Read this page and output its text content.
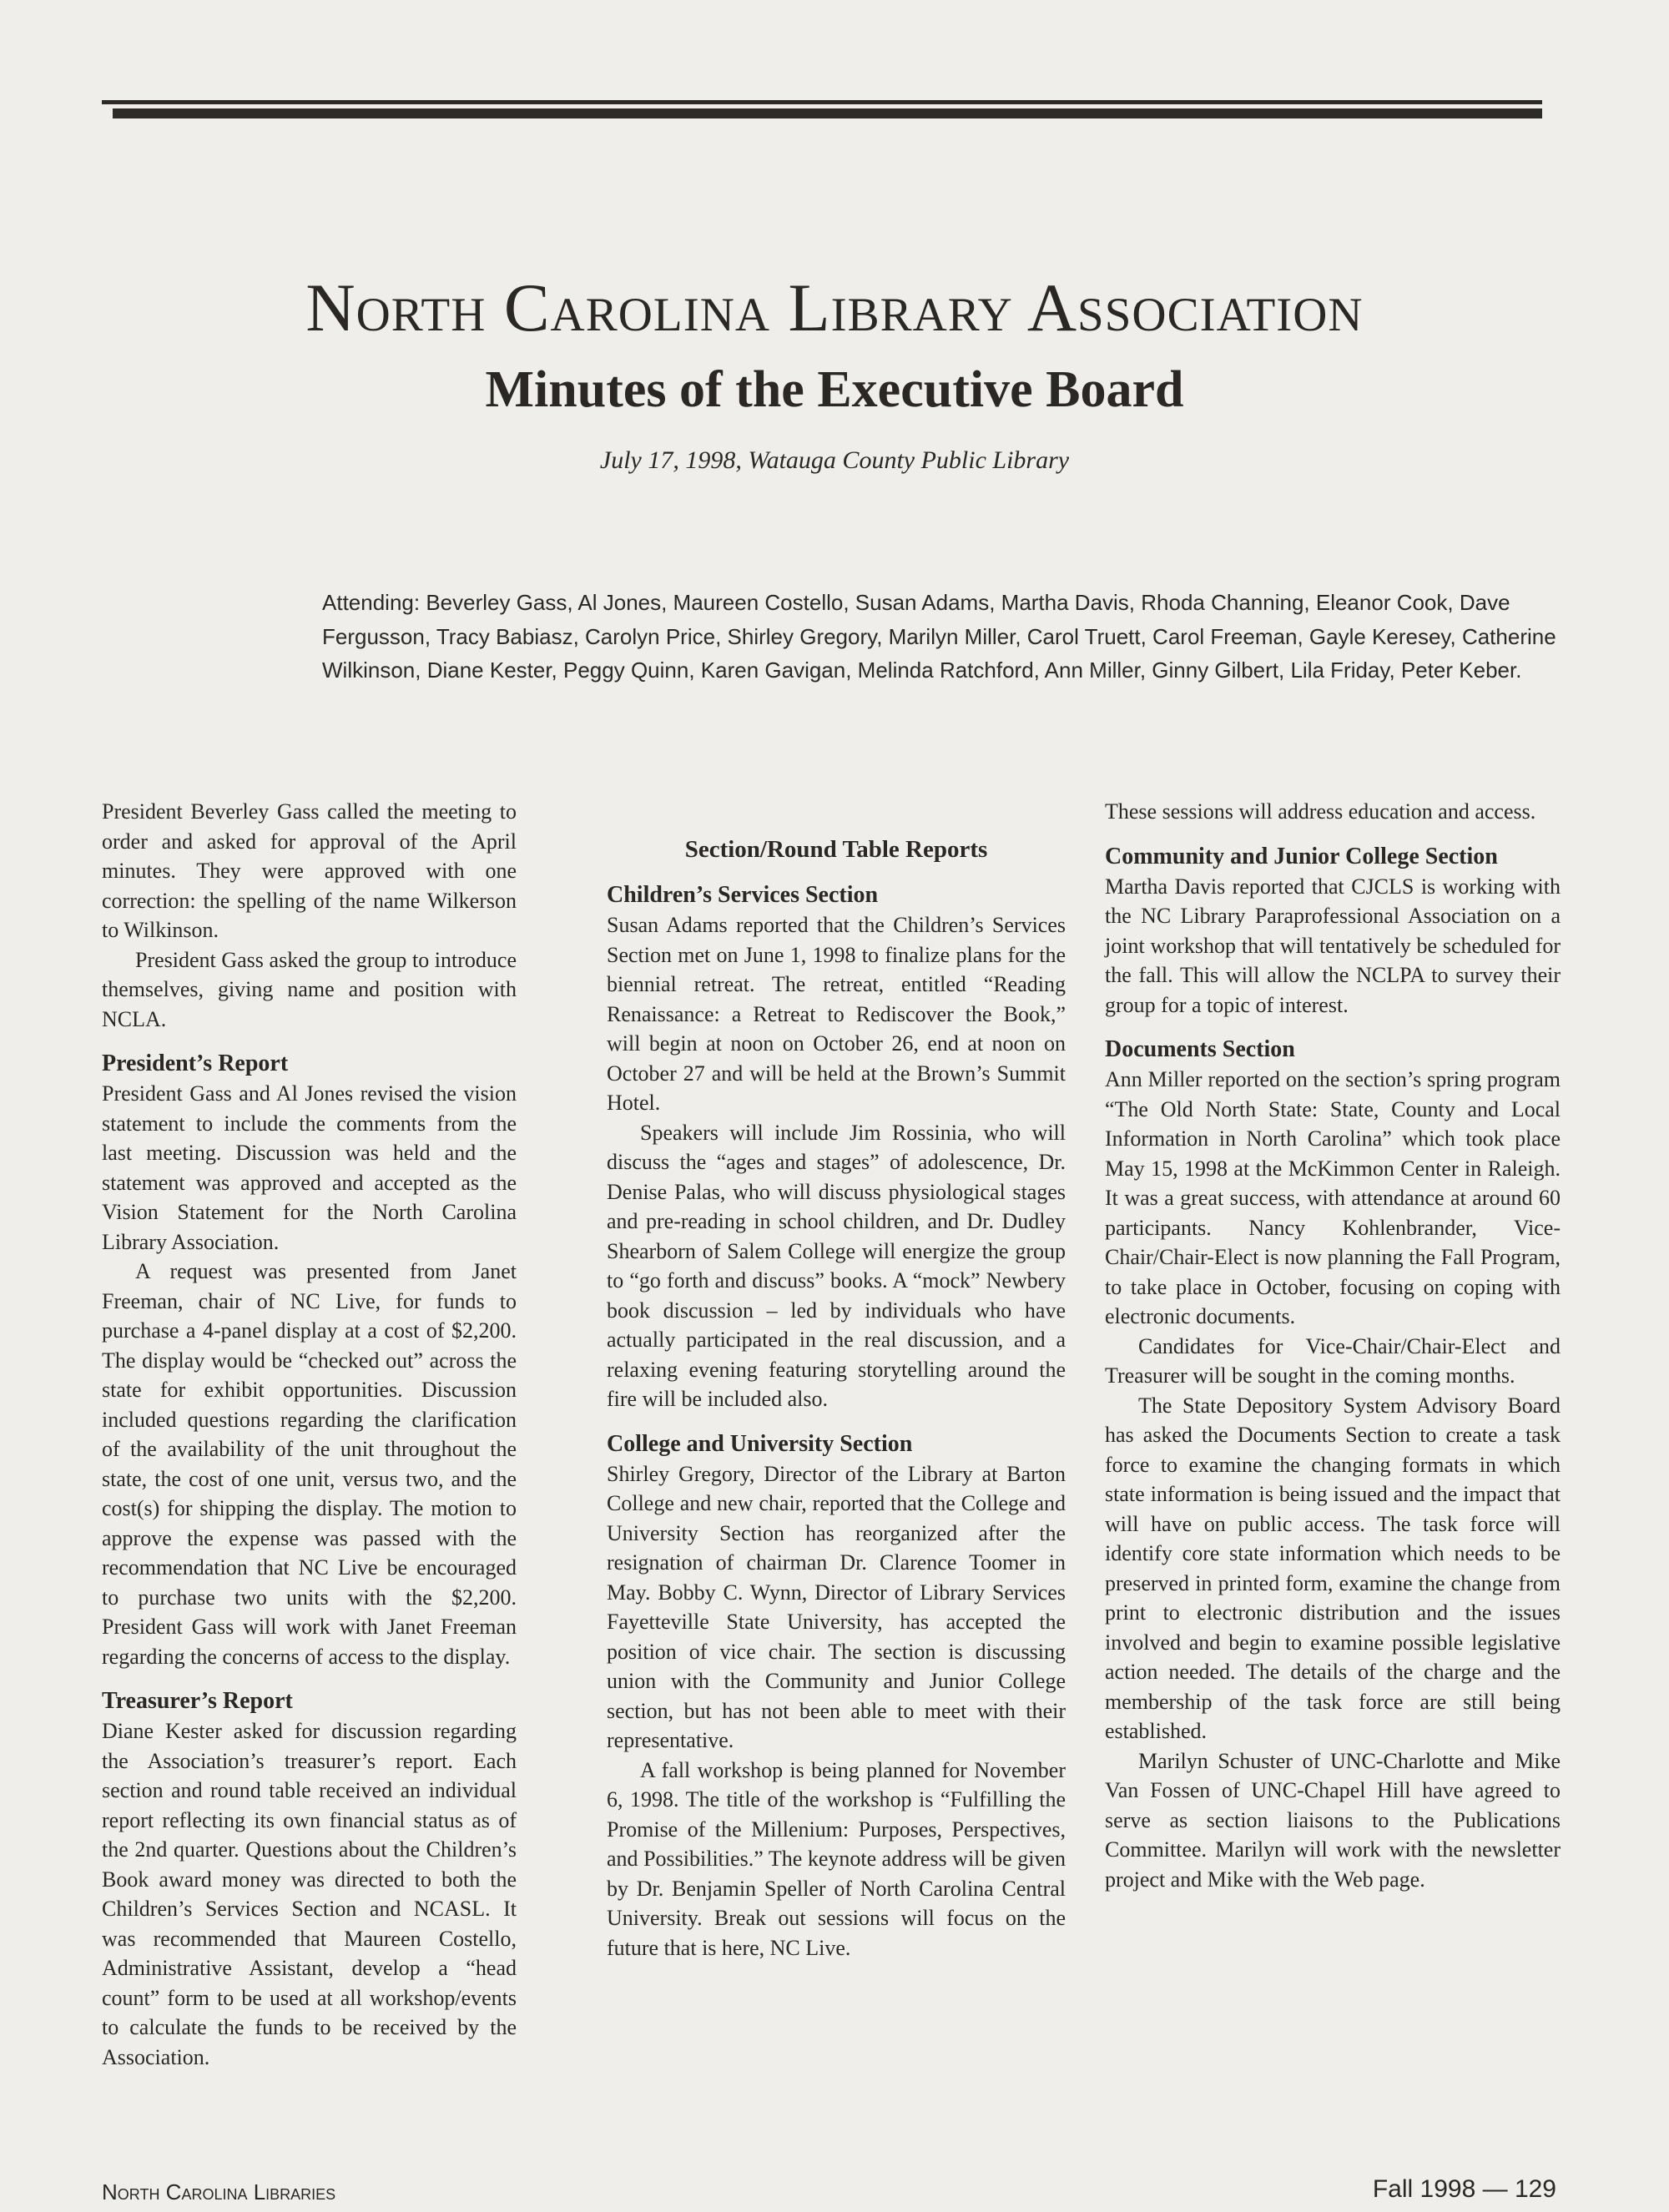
North Carolina Library Association
Minutes of the Executive Board
July 17, 1998, Watauga County Public Library
Attending: Beverley Gass, Al Jones, Maureen Costello, Susan Adams, Martha Davis, Rhoda Channing, Eleanor Cook, Dave Fergusson, Tracy Babiasz, Carolyn Price, Shirley Gregory, Marilyn Miller, Carol Truett, Carol Freeman, Gayle Keresey, Catherine Wilkinson, Diane Kester, Peggy Quinn, Karen Gavigan, Melinda Ratchford, Ann Miller, Ginny Gilbert, Lila Friday, Peter Keber.

President Beverley Gass called the meeting to order and asked for approval of the April minutes. They were approved with one correction: the spelling of the name Wilkerson to Wilkinson.

President Gass asked the group to introduce themselves, giving name and position with NCLA.

President’s Report

President Gass and Al Jones revised the vision statement to include the comments from the last meeting. Discussion was held and the statement was approved and accepted as the Vision Statement for the North Carolina Library Association.

A request was presented from Janet Freeman, chair of NC Live, for funds to purchase a 4-panel display at a cost of $2,200. The display would be “checked out” across the state for exhibit opportunities. Discussion included questions regarding the clarification of the availability of the unit throughout the state, the cost of one unit, versus two, and the cost(s) for shipping the display. The motion to approve the expense was passed with the recommendation that NC Live be encouraged to purchase two units with the $2,200. President Gass will work with Janet Freeman regarding the concerns of access to the display.

Treasurer’s Report

Diane Kester asked for discussion regarding the Association’s treasurer’s report. Each section and round table received an individual report reflecting its own financial status as of the 2nd quarter. Questions about the Children’s Book award money was directed to both the Children’s Services Section and NCASL. It was recommended that Maureen Costello, Administrative Assistant, develop a “head count” form to be used at all workshop/events to calculate the funds to be received by the Association.

Section/Round Table Reports
Children’s Services Section

Susan Adams reported that the Children’s Services Section met on June 1, 1998 to finalize plans for the biennial retreat. The retreat, entitled “Reading Renaissance: a Retreat to Rediscover the Book,” will begin at noon on October 26, end at noon on October 27 and will be held at the Brown’s Summit Hotel.

Speakers will include Jim Rossinia, who will discuss the “ages and stages” of adolescence, Dr. Denise Palas, who will discuss physiological stages and pre-reading in school children, and Dr. Dudley Shearborn of Salem College will energize the group to “go forth and discuss” books. A “mock” Newbery book discussion – led by individuals who have actually participated in the real discussion, and a relaxing evening featuring storytelling around the fire will be included also.

College and University Section

Shirley Gregory, Director of the Library at Barton College and new chair, reported that the College and University Section has reorganized after the resignation of chairman Dr. Clarence Toomer in May. Bobby C. Wynn, Director of Library Services Fayetteville State University, has accepted the position of vice chair. The section is discussing union with the Community and Junior College section, but has not been able to meet with their representative.

A fall workshop is being planned for November 6, 1998. The title of the workshop is “Fulfilling the Promise of the Millenium: Purposes, Perspectives, and Possibilities.” The keynote address will be given by Dr. Benjamin Speller of North Carolina Central University. Break out sessions will focus on the future that is here, NC Live.

These sessions will address education and access.

Community and Junior College Section

Martha Davis reported that CJCLS is working with the NC Library Paraprofessional Association on a joint workshop that will tentatively be scheduled for the fall. This will allow the NCLPA to survey their group for a topic of interest.

Documents Section

Ann Miller reported on the section’s spring program “The Old North State: State, County and Local Information in North Carolina” which took place May 15, 1998 at the McKimmon Center in Raleigh. It was a great success, with attendance at around 60 participants. Nancy Kohlenbrander, Vice-Chair/Chair-Elect is now planning the Fall Program, to take place in October, focusing on coping with electronic documents.

Candidates for Vice-Chair/Chair-Elect and Treasurer will be sought in the coming months.

The State Depository System Advisory Board has asked the Documents Section to create a task force to examine the changing formats in which state information is being issued and the impact that will have on public access. The task force will identify core state information which needs to be preserved in printed form, examine the change from print to electronic distribution and the issues involved and begin to examine possible legislative action needed. The details of the charge and the membership of the task force are still being established.

Marilyn Schuster of UNC-Charlotte and Mike Van Fossen of UNC-Chapel Hill have agreed to serve as section liaisons to the Publications Committee. Marilyn will work with the newsletter project and Mike with the Web page.

North Carolina Libraries	Fall 1998 — 129
